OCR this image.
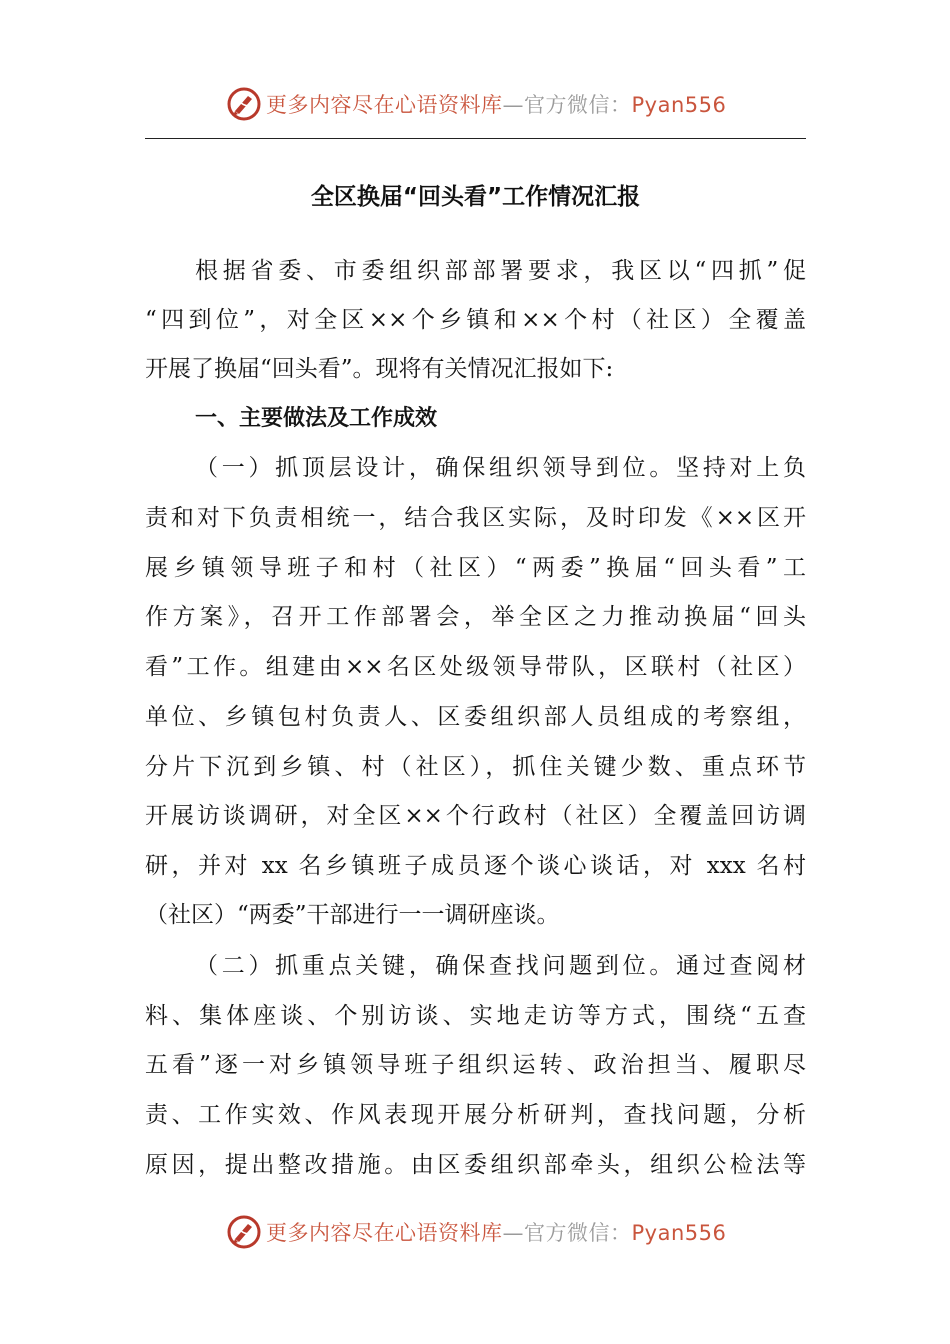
更多内容尽在心语资料库—官方微信：Pyan556
全区换届“回头看”工作情况汇报
根据省委、市委组织部部署要求，我区以“四抓”促
“四到位”，对全区××个乡镇和××个村（社区）全覆盖
开展了换届“回头看”。现将有关情况汇报如下:
一、主要做法及工作成效
（一）抓顶层设计，确保组织领导到位。坚持对上负
责和对下负责相统一，结合我区实际，及时印发《××区开
展乡镇领导班子和村（社区）“两委”换届“回头看”工
作方案》，召开工作部署会，举全区之力推动换届“回头
看”工作。组建由××名区处级领导带队，区联村（社区）
单位、乡镇包村负责人、区委组织部人员组成的考察组，
分片下沉到乡镇、村（社区），抓住关键少数、重点环节
开展访谈调研，对全区××个行政村（社区）全覆盖回访调
研，并对 xx 名乡镇班子成员逐个谈心谈话，对 xxx 名村
（社区）“两委”干部进行一一调研座谈。
（二）抓重点关键，确保查找问题到位。通过查阅材
料、集体座谈、个别访谈、实地走访等方式，围绕“五查
五看”逐一对乡镇领导班子组织运转、政治担当、履职尽
责、工作实效、作风表现开展分析研判，查找问题，分析
原因，提出整改措施。由区委组织部牵头，组织公检法等
更多内容尽在心语资料库—官方微信：Pyan556
